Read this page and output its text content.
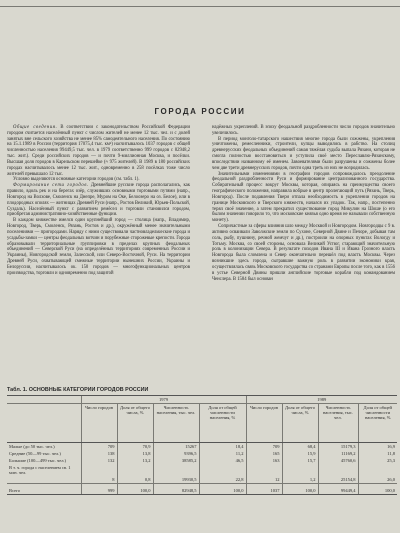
ГОРОДА РОССИИ

Общие сведения. В соответствии с законодательством Российской Федерации городом считается населённый пункт с числом жителей не менее 12 тыс. чел. и с долей занятых вне сельского хозяйства не менее 85% самодеятельного населения. По состоянию на 15.1.1989 в России (территория 17075,4 тыс. км²) насчитывалось 1037 городов с общей численностью населения 99449,5 тыс. чел. в 1979 соответственно 999 городов с 82948,2 тыс. жит.). Среди российских городов — и почти 9-миллионная Москва, и посёлки. Высшая доля городов в Карельском перешейке (≈ 975 жителей). В 1989 в 180 российских городах насчитывалось менее 12 тыс. жит., одновременно в 258 посёлках тоже число жителей превышало 12 тыс.

Условно выделяются основные категории городов (см. табл. 1).

Формирование сети городов. Древнейшие русские города располагались, как правило, вдоль рек и на берегах озёр, служивших основными торговыми путями (напр., Новгород на Волхове, Смоленск на Днепре, Муром на Оке, Белоозеро на оз. Белое), или в плодородных ополях — житницах Древней Руси (напр., Ростов Великий, Юрьев-Польской, Суздаль). Населённый пункт с развитием ремёсел и торговли становился городом, приобретая административно-хозяйственные функции.

В каждом княжестве имелся один крупнейший город — столица (напр., Владимир, Новгород, Тверь, Смоленск, Рязань, Ростов и др.), окружённый менее значительными поселениями — пригородами. Наряду с ними существовали частновладельческие города и усадьбы-замки — центры феодальных вотчин и порубежные сторожевые крепости. Города образовывали территориальные группировки в пределах крупных феодальных объединений — Северской Руси (на определённых территориях современных России и Украины), Новгородской земли, Залесской, или Северо-Восточной, Руси. На территории Древней Руси, охватывающей смежные территории нынешних России, Украины и Белоруссии, насчитывалось ок. 150 городов — многофункциональных центров производства, торговли и одновременно под защитой

надёжных укреплений. В эпоху феодальной раздробленности число городов значительно увеличилось.

В период монголо-татарского нашествия многие города были сожжены, укрепления уничтожены, ремесленники, строители, купцы выводились в рабство. На столиц древнерусских феодальных объединений самая тяжёлая судьба выпала Рязани, которая не смогла полностью восстановиться и уступила своё место Переславлю-Рязанскому, впоследствии названному её именем. Завоевателями были разрушены и сожжены более чем две трети древнерусских городов, почти одна треть из них не возродилась.

Значительными изменениями в географии городов сопровождалось преодоление феодальной раздробленности Руси и формирование централизованного государства. Собирательный процесс вокруг Москвы, которая, опираясь на преимущества своего географического положения, направила вобрые в центр пролегающий путь (Рязань, Тверь, Новгород). После подавления Твери отпала необходимость в укреплении городов на границе Московского и Тверского княжеств, начался их упадок. Так, напр., постепенно терял своё значение, а затем прекратил существование город Микулин на Шоше (о его былом значении говорило то, что московские князья одно время не называли собственную монету).

Сопричастные за сферы влияния шло между Москвой и Новгородом. Новгородцы с 9 в. активно осваивали Заволжские земли по Сухоне, Северной Двине и Печоре, добывая там соль, рыбу, пушнину, речной жемчуг и др.), построили на опорных пунктах Вологду и Тотьму. Москва, со своей стороны, основала Великий Устюг, старающий значительную роль в колонизации Севера. В результате походов Ивана III и Ивана Грозного власть Новгорода была сломлена и Север окончательно перешёл под власть Москвы. Через возникшие здесь города, сыгравшие важную роль в развитии экономики края, осуществлялась связь Московского государства со странами Европы после того, как в 1556 в устье Северной Двины пришли английские торговые корабли под командованием Ченслера. В 1584 был основан

Табл. 1. ОСНОВНЫЕ КАТЕГОРИИ ГОРОДОВ РОССИИ
	1979				1989			
	Число городов	Доля от общего числа, %	Численность населения, тыс. чел.	Доля от общей численности населения, %	Число городов	Доля от общего числа, %	Численность населения, тыс. чел.	Доля от общей численности населения, %
Малые (до 50 тыс. чел.)	709	70,9	15267	18,4	709	68,4	15179,3	16,9
Средние (50—99 тыс. чел.)	138	13,8	9396,5	11,2	165	15,9	11169,2	11,8
Большие (100—499 тыс. чел.)	132	13,2	38585,2	46,5	163	15,7	45760,6	25,3
В т. ч. города с населением св. 1 млн. чел.								
	8	0,8	19930,5	22,8	12	1,2	25154,8	26,0
Всего	999	100,0	82948,5	100,0	1037	100,0	99449,4	100,0
